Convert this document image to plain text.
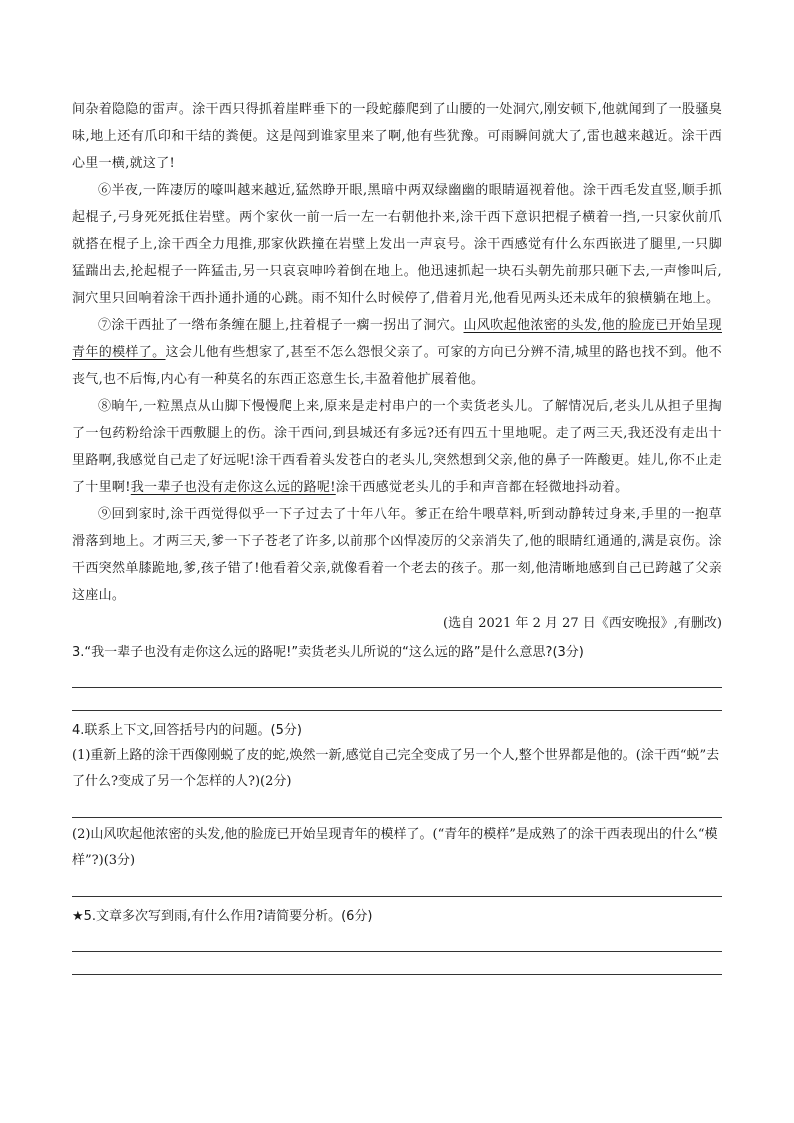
间杂着隐隐的雷声。涂干西只得抓着崖畔垂下的一段蛇藤爬到了山腰的一处洞穴,刚安顿下,他就闻到了一股骚臭味,地上还有爪印和干结的粪便。这是闯到谁家里来了啊,他有些犹豫。可雨瞬间就大了,雷也越来越近。涂干西心里一横,就这了!

⑥半夜,一阵凄厉的嚎叫越来越近,猛然睁开眼,黑暗中两双绿幽幽的眼睛逼视着他。涂干西毛发直竖,顺手抓起棍子,弓身死死抵住岩壁。两个家伙一前一后一左一右朝他扑来,涂干西下意识把棍子横着一挡,一只家伙前爪就搭在棍子上,涂干西全力甩推,那家伙跌撞在岩壁上发出一声哀号。涂干西感觉有什么东西嵌进了腿里,一只脚猛踹出去,抡起棍子一阵猛击,另一只哀哀呻吟着倒在地上。他迅速抓起一块石头朝先前那只砸下去,一声惨叫后,洞穴里只回响着涂干西扑通扑通的心跳。雨不知什么时候停了,借着月光,他看见两头还未成年的狼横躺在地上。

⑦涂干西扯了一绺布条缠在腿上,拄着棍子一瘸一拐出了洞穴。山风吹起他浓密的头发,他的脸庞已开始呈现青年的模样了。这会儿他有些想家了,甚至不怎么怨恨父亲了。可家的方向已分辨不清,城里的路也找不到。他不丧气,也不后悔,内心有一种莫名的东西正恣意生长,丰盈着他扩展着他。

⑧晌午,一粒黑点从山脚下慢慢爬上来,原来是走村串户的一个卖货老头儿。了解情况后,老头儿从担子里掏了一包药粉给涂干西敷腿上的伤。涂干西问,到县城还有多远?还有四五十里地呢。走了两三天,我还没有走出十里路啊,我感觉自己走了好远呢!涂干西看着头发苍白的老头儿,突然想到父亲,他的鼻子一阵酸更。娃儿,你不止走了十里啊!我一辈子也没有走你这么远的路呢!涂干西感觉老头儿的手和声音都在轻微地抖动着。

⑨回到家时,涂干西觉得似乎一下子过去了十年八年。爹正在给牛喂草料,听到动静转过身来,手里的一抱草滑落到地上。才两三天,爹一下子苍老了许多,以前那个凶悍凌厉的父亲消失了,他的眼睛红通通的,满是哀伤。涂干西突然单膝跪地,爹,孩子错了!他看着父亲,就像看着一个老去的孩子。那一刻,他清晰地感到自己已跨越了父亲这座山。

(选自 2021 年 2 月 27 日《西安晚报》,有删改)

3.“我一辈子也没有走你这么远的路呢!”卖货老头儿所说的“这么远的路”是什么意思?(3分)

4.联系上下文,回答括号内的问题。(5分)

(1)重新上路的涂干西像刚蜕了皮的蛇,焕然一新,感觉自己完全变成了另一个人,整个世界都是他的。(涂干西“蜕”去了什么?变成了另一个怎样的人?)(2分)

(2)山风吹起他浓密的头发,他的脸庞已开始呈现青年的模样了。(“青年的模样”是成熟了的涂干西表现出的什么“模样”?)(3分)

★5.文章多次写到雨,有什么作用?请简要分析。(6分)
